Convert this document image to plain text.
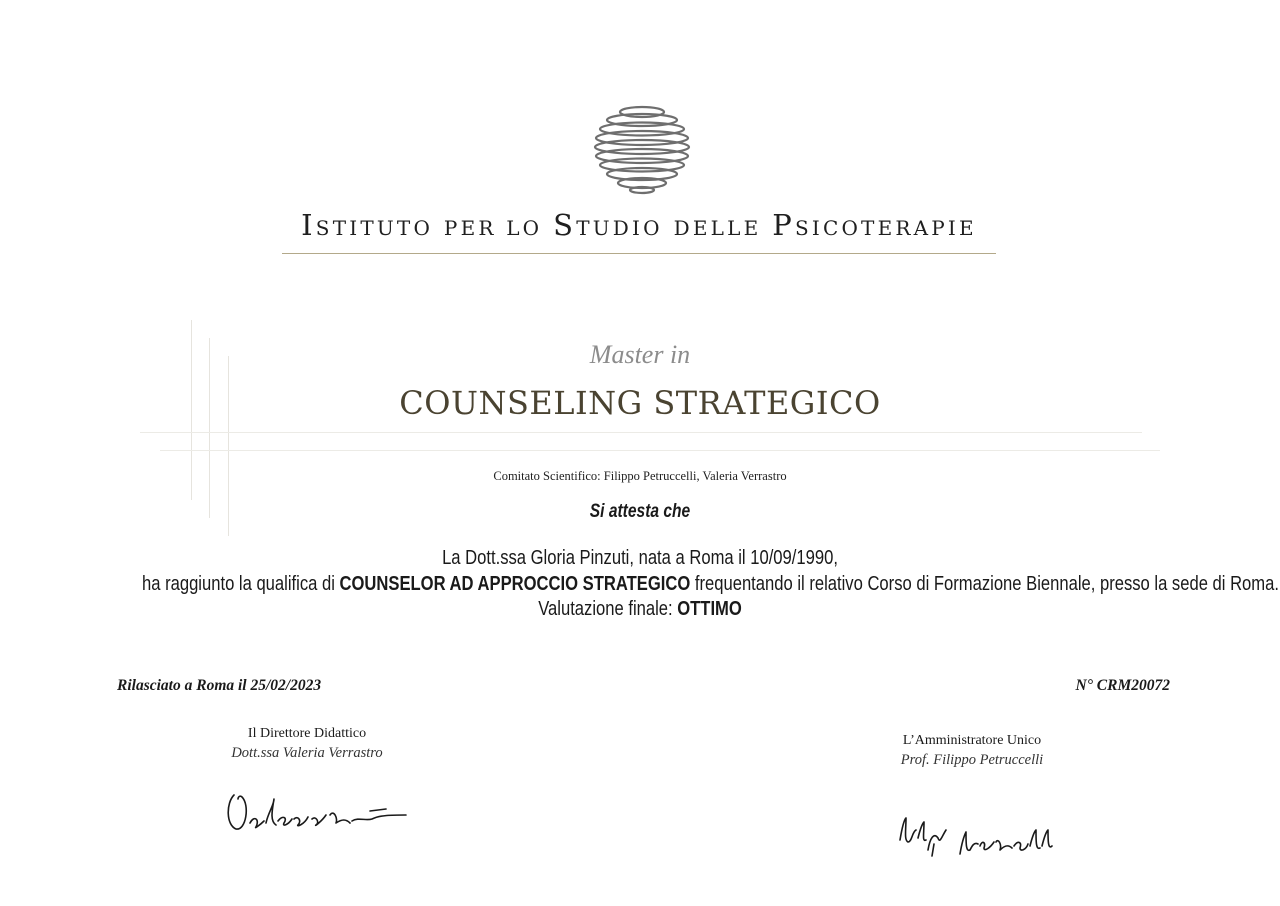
ISTITUTO PER LO STUDIO DELLE PSICOTERAPIE
Master in
COUNSELING STRATEGICO
Comitato Scientifico: Filippo Petruccelli, Valeria Verrastro
Si attesta che
La Dott.ssa Gloria Pinzuti, nata a Roma il 10/09/1990,
ha raggiunto la qualifica di COUNSELOR AD APPROCCIO STRATEGICO frequentando il relativo Corso di Formazione Biennale, presso la sede di Roma.
Valutazione finale: OTTIMO
Rilasciato a Roma il 25/02/2023	N° CRM20072
Il Direttore Didattico
Dott.ssa Valeria Verrastro
L’Amministratore Unico
Prof. Filippo Petruccelli
